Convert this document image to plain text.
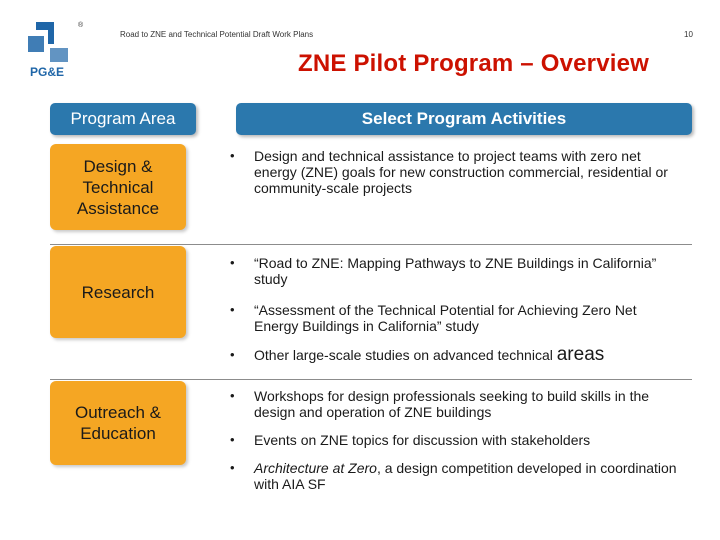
PG&E
®
Road to ZNE and Technical Potential Draft Work Plans	10
ZNE Pilot Program – Overview
Program Area	Select Program Activities
Design &
Technical
Assistance
Research
Outreach &
Education
• Design and technical assistance to project teams with zero net energy (ZNE) goals for new construction commercial, residential or community-scale projects
• “Road to ZNE: Mapping Pathways to ZNE Buildings in California” study
• “Assessment of the Technical Potential for Achieving Zero Net Energy Buildings in California” study
• Other large-scale studies on advanced technical areas
• Workshops for design professionals seeking to build skills in the design and operation of ZNE buildings
• Events on ZNE topics for discussion with stakeholders
• Architecture at Zero, a design competition developed in coordination with AIA SF
